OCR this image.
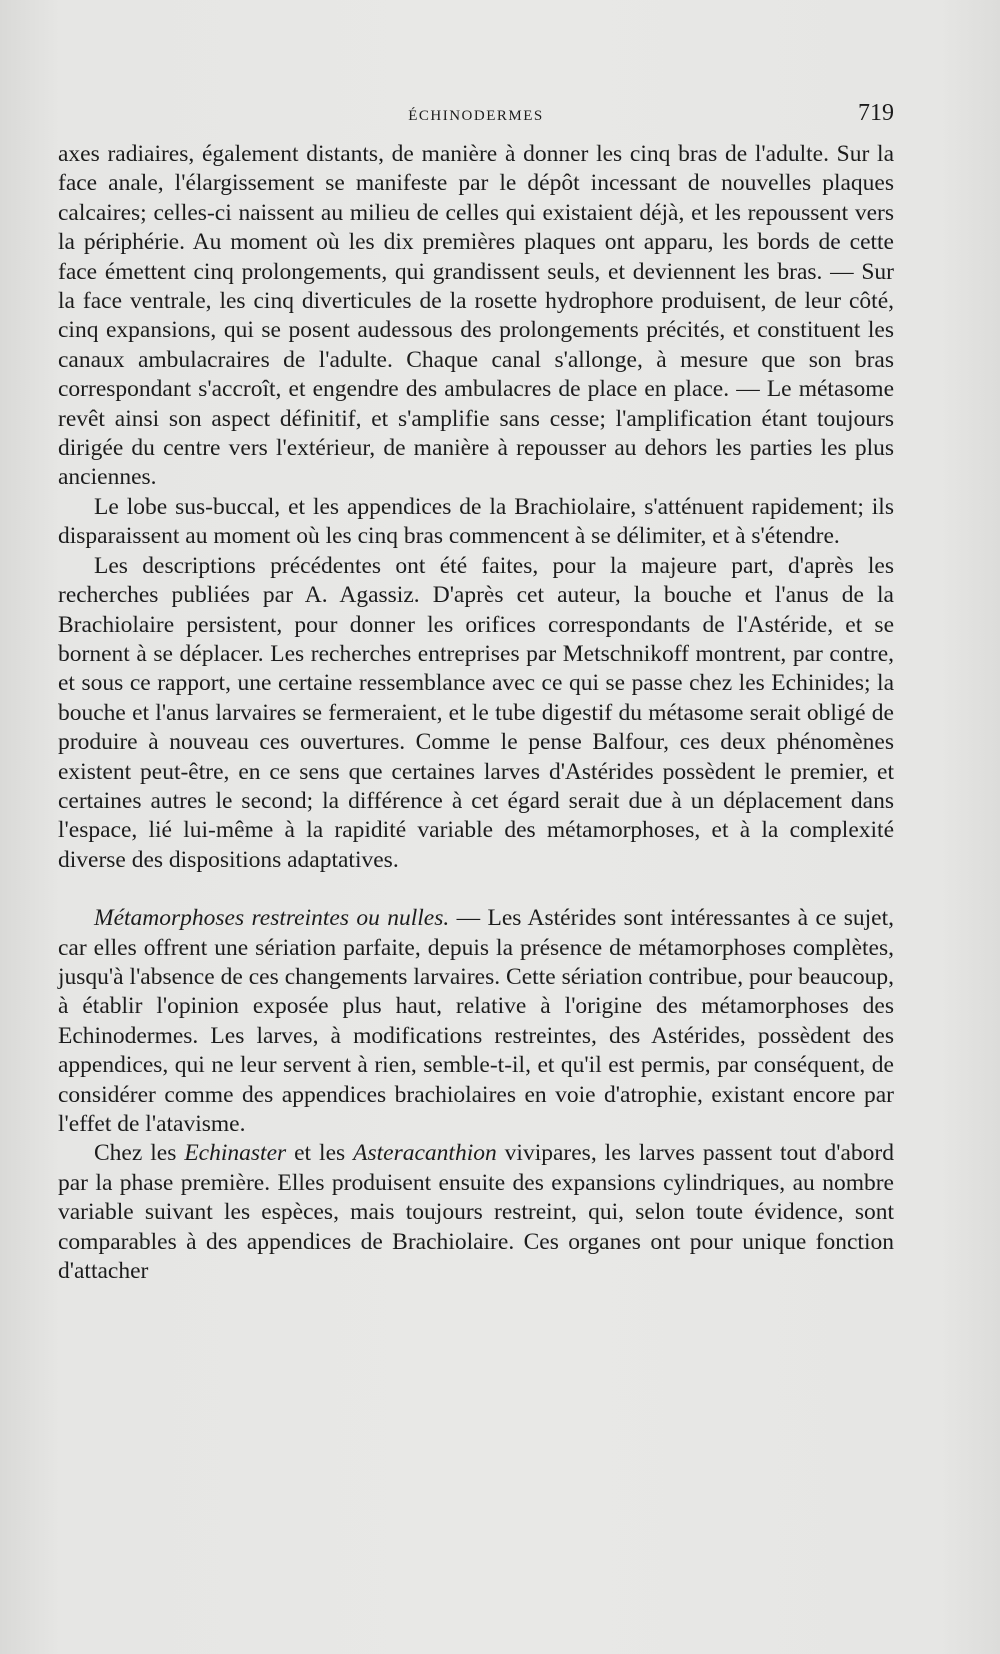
ÉCHINODERMES	719

axes radiaires, également distants, de manière à donner les cinq bras de l'adulte. Sur la face anale, l'élargissement se manifeste par le dépôt incessant de nouvelles plaques calcaires; celles-ci naissent au milieu de celles qui existaient déjà, et les repoussent vers la périphérie. Au moment où les dix premières plaques ont apparu, les bords de cette face émettent cinq prolongements, qui grandissent seuls, et deviennent les bras. — Sur la face ventrale, les cinq diverticules de la rosette hydrophore produisent, de leur côté, cinq expansions, qui se posent audessous des prolongements précités, et constituent les canaux ambulacraires de l'adulte. Chaque canal s'allonge, à mesure que son bras correspondant s'accroît, et engendre des ambulacres de place en place. — Le métasome revêt ainsi son aspect définitif, et s'amplifie sans cesse; l'amplification étant toujours dirigée du centre vers l'extérieur, de manière à repousser au dehors les parties les plus anciennes.

Le lobe sus-buccal, et les appendices de la Brachiolaire, s'atténuent rapidement; ils disparaissent au moment où les cinq bras commencent à se délimiter, et à s'étendre.

Les descriptions précédentes ont été faites, pour la majeure part, d'après les recherches publiées par A. Agassiz. D'après cet auteur, la bouche et l'anus de la Brachiolaire persistent, pour donner les orifices correspondants de l'Astéride, et se bornent à se déplacer. Les recherches entreprises par Metschnikoff montrent, par contre, et sous ce rapport, une certaine ressemblance avec ce qui se passe chez les Echinides; la bouche et l'anus larvaires se fermeraient, et le tube digestif du métasome serait obligé de produire à nouveau ces ouvertures. Comme le pense Balfour, ces deux phénomènes existent peut-être, en ce sens que certaines larves d'Astérides possèdent le premier, et certaines autres le second; la différence à cet égard serait due à un déplacement dans l'espace, lié lui-même à la rapidité variable des métamorphoses, et à la complexité diverse des dispositions adaptatives.

Métamorphoses restreintes ou nulles. — Les Astérides sont intéressantes à ce sujet, car elles offrent une sériation parfaite, depuis la présence de métamorphoses complètes, jusqu'à l'absence de ces changements larvaires. Cette sériation contribue, pour beaucoup, à établir l'opinion exposée plus haut, relative à l'origine des métamorphoses des Echinodermes. Les larves, à modifications restreintes, des Astérides, possèdent des appendices, qui ne leur servent à rien, semble-t-il, et qu'il est permis, par conséquent, de considérer comme des appendices brachiolaires en voie d'atrophie, existant encore par l'effet de l'atavisme.

Chez les Echinaster et les Asteracanthion vivipares, les larves passent tout d'abord par la phase première. Elles produisent ensuite des expansions cylindriques, au nombre variable suivant les espèces, mais toujours restreint, qui, selon toute évidence, sont comparables à des appendices de Brachiolaire. Ces organes ont pour unique fonction d'attacher
